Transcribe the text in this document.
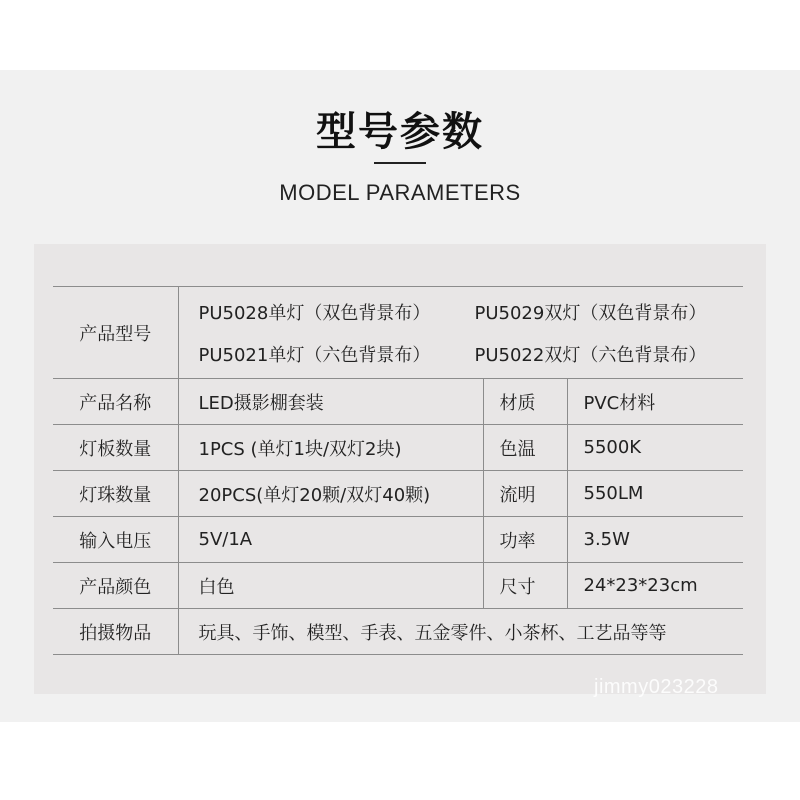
型号参数
MODEL PARAMETERS
产品型号	PU5028单灯（双色背景布） PU5029双灯（双色背景布）
PU5021单灯（六色背景布） PU5022双灯（六色背景布）		

产品名称	LED摄影棚套装	材质	PVC材料
灯板数量	1PCS (单灯1块/双灯2块)	色温	5500K
灯珠数量	20PCS(单灯20颗/双灯40颗)	流明	550LM
输入电压	5V/1A	功率	3.5W
产品颜色	白色	尺寸	24*23*23cm
拍摄物品	玩具、手饰、模型、手表、五金零件、小茶杯、工艺品等等		
jimmy023228
